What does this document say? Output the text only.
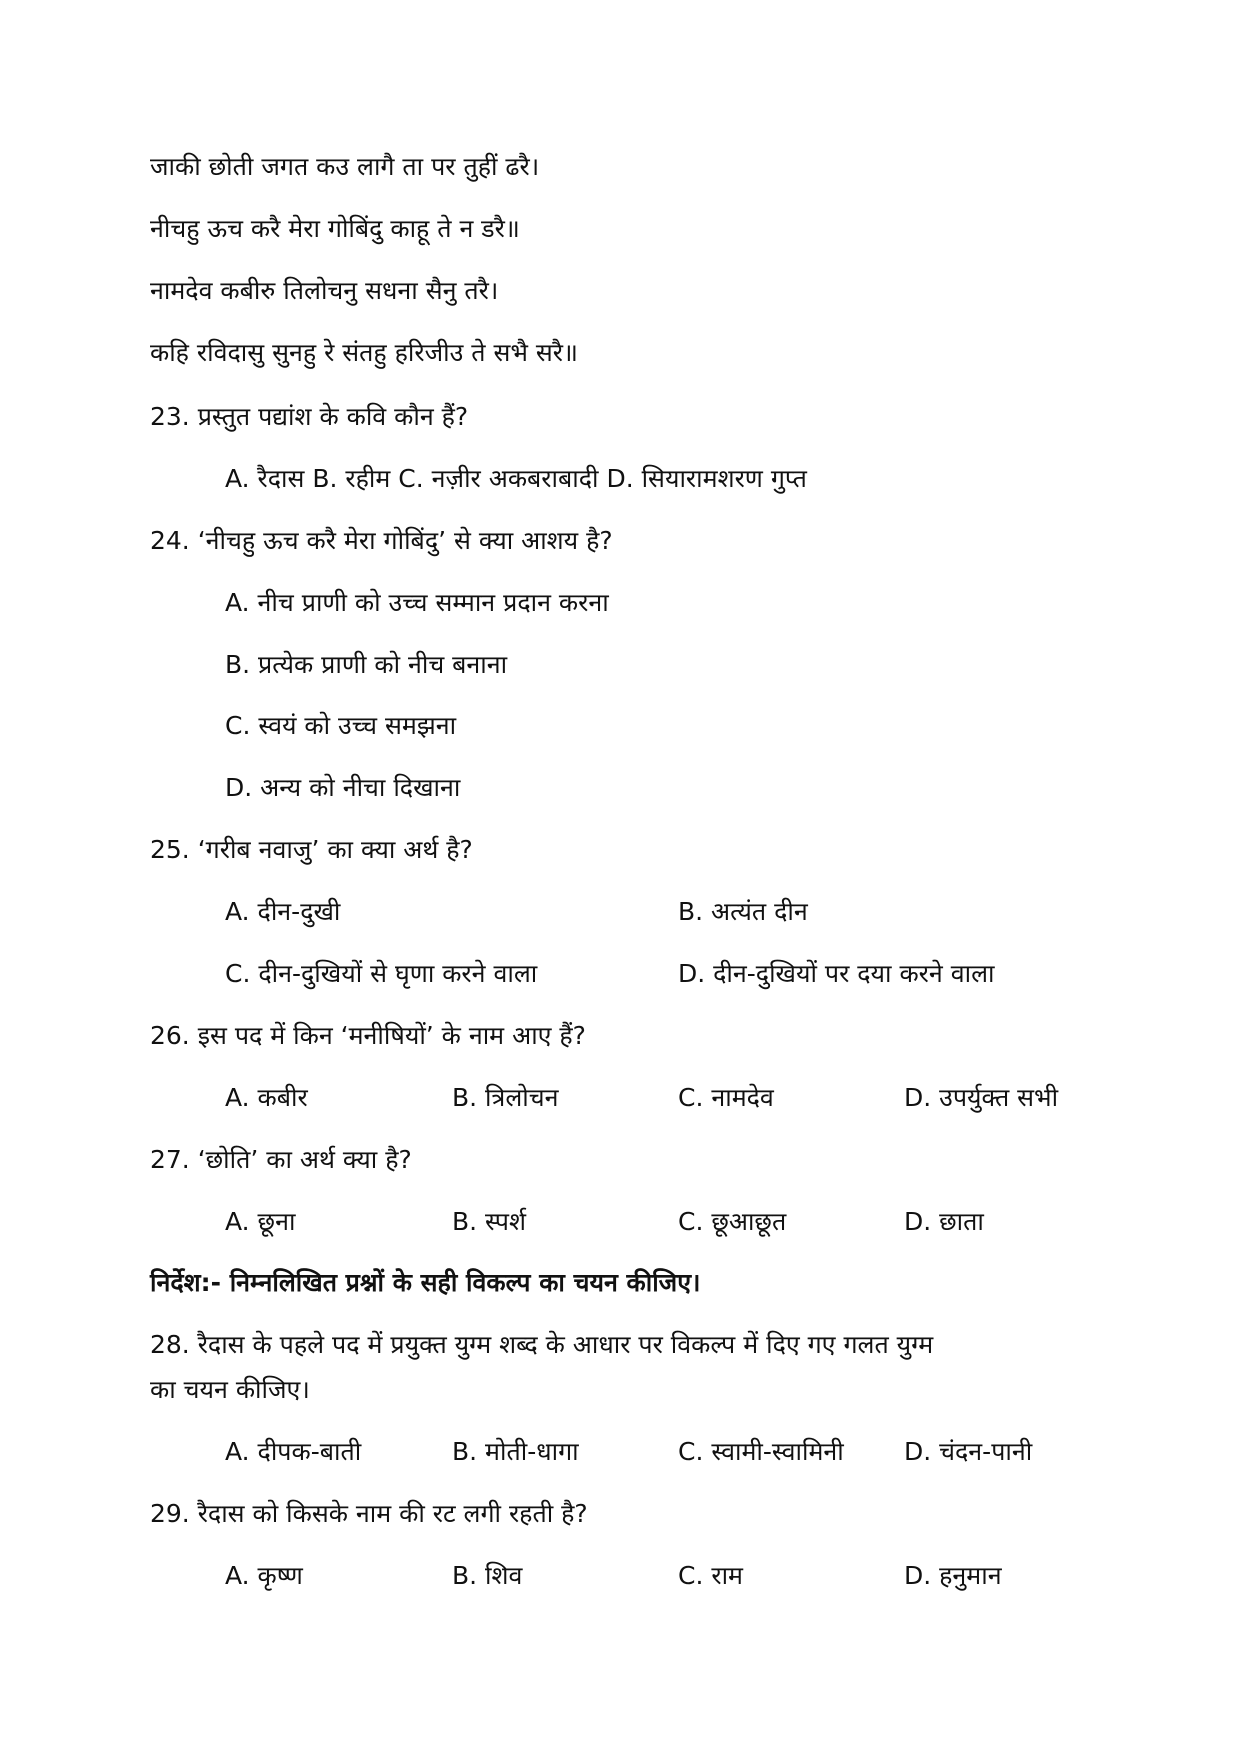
जाकी छोती जगत कउ लागै ता पर तुहीं ढरै।
नीचहु ऊच करै मेरा गोबिंदु काहू ते न डरै॥
नामदेव कबीरु तिलोचनु सधना सैनु तरै।
कहि रविदासु सुनहु रे संतहु हरिजीउ ते सभै सरै॥
23. प्रस्तुत पद्यांश के कवि कौन हैं?
A. रैदास B. रहीम C. नज़ीर अकबराबादी D. सियारामशरण गुप्त
24. ‘नीचहु ऊच करै मेरा गोबिंदु’ से क्या आशय है?
A. नीच प्राणी को उच्च सम्मान प्रदान करना
B. प्रत्येक प्राणी को नीच बनाना
C. स्वयं को उच्च समझना
D. अन्य को नीचा दिखाना
25. ‘गरीब नवाजु’ का क्या अर्थ है?
A. दीन-दुखी	B. अत्यंत दीन
C. दीन-दुखियों से घृणा करने वाला	D. दीन-दुखियों पर दया करने वाला
26. इस पद में किन ‘मनीषियों’ के नाम आए हैं?
A. कबीर	B. त्रिलोचन	C. नामदेव	D. उपर्युक्त सभी
27. ‘छोति’ का अर्थ क्या है?
A. छूना	B. स्पर्श	C. छूआछूत	D. छाता
निर्देश:- निम्नलिखित प्रश्नों के सही विकल्प का चयन कीजिए।
28. रैदास के पहले पद में प्रयुक्त युग्म शब्द के आधार पर विकल्प में दिए गए गलत युग्म
का चयन कीजिए।
A. दीपक-बाती	B. मोती-धागा	C. स्वामी-स्वामिनी D. चंदन-पानी
29. रैदास को किसके नाम की रट लगी रहती है?
A. कृष्ण	B. शिव	C. राम	D. हनुमान
